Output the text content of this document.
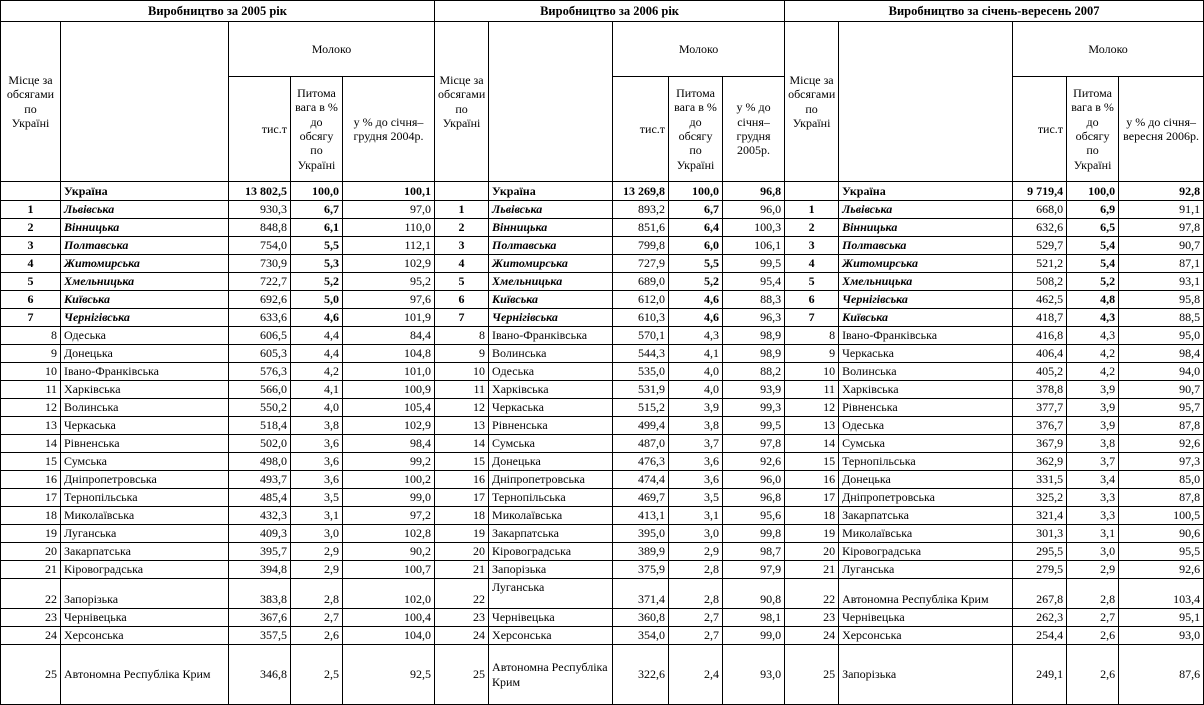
Виробництво за 2005 рік					Виробництво за 2006 рік					Виробництво за січень-вересень 2007				
Місце за обсягами по Україні		Молоко			Місце за обсягами по Україні		Молоко			Місце за обсягами по Україні		Молоко		
		тис.т	Питома вага в % до обсягу по Україні	у % до січня–грудня 2004р.			тис.т	Питома вага в % до обсягу по Україні	у % до січня–грудня 2005р.			тис.т	Питома вага в % до обсягу по Україні	у % до січня–вересня 2006р.
	Україна	13 802,5	100,0	100,1		Україна	13 269,8	100,0	96,8		Україна	9 719,4	100,0	92,8
1	Львівська	930,3	6,7	97,0	1	Львівська	893,2	6,7	96,0	1	Львівська	668,0	6,9	91,1
2	Вінницька	848,8	6,1	110,0	2	Вінницька	851,6	6,4	100,3	2	Вінницька	632,6	6,5	97,8
3	Полтавська	754,0	5,5	112,1	3	Полтавська	799,8	6,0	106,1	3	Полтавська	529,7	5,4	90,7
4	Житомирська	730,9	5,3	102,9	4	Житомирська	727,9	5,5	99,5	4	Житомирська	521,2	5,4	87,1
5	Хмельницька	722,7	5,2	95,2	5	Хмельницька	689,0	5,2	95,4	5	Хмельницька	508,2	5,2	93,1
6	Київська	692,6	5,0	97,6	6	Київська	612,0	4,6	88,3	6	Чернігівська	462,5	4,8	95,8
7	Чернігівська	633,6	4,6	101,9	7	Чернігівська	610,3	4,6	96,3	7	Київська	418,7	4,3	88,5
8	Одеська	606,5	4,4	84,4	8	Івано-Франківська	570,1	4,3	98,9	8	Івано-Франківська	416,8	4,3	95,0
9	Донецька	605,3	4,4	104,8	9	Волинська	544,3	4,1	98,9	9	Черкаська	406,4	4,2	98,4
10	Івано-Франківська	576,3	4,2	101,0	10	Одеська	535,0	4,0	88,2	10	Волинська	405,2	4,2	94,0
11	Харківська	566,0	4,1	100,9	11	Харківська	531,9	4,0	93,9	11	Харківська	378,8	3,9	90,7
12	Волинська	550,2	4,0	105,4	12	Черкаська	515,2	3,9	99,3	12	Рівненська	377,7	3,9	95,7
13	Черкаська	518,4	3,8	102,9	13	Рівненська	499,4	3,8	99,5	13	Одеська	376,7	3,9	87,8
14	Рівненська	502,0	3,6	98,4	14	Сумська	487,0	3,7	97,8	14	Сумська	367,9	3,8	92,6
15	Сумська	498,0	3,6	99,2	15	Донецька	476,3	3,6	92,6	15	Тернопільська	362,9	3,7	97,3
16	Дніпропетровська	493,7	3,6	100,2	16	Дніпропетровська	474,4	3,6	96,0	16	Донецька	331,5	3,4	85,0
17	Тернопільська	485,4	3,5	99,0	17	Тернопільська	469,7	3,5	96,8	17	Дніпропетровська	325,2	3,3	87,8
18	Миколаївська	432,3	3,1	97,2	18	Миколаївська	413,1	3,1	95,6	18	Закарпатська	321,4	3,3	100,5
19	Луганська	409,3	3,0	102,8	19	Закарпатська	395,0	3,0	99,8	19	Миколаївська	301,3	3,1	90,6
20	Закарпатська	395,7	2,9	90,2	20	Кіровоградська	389,9	2,9	98,7	20	Кіровоградська	295,5	3,0	95,5
21	Кіровоградська	394,8	2,9	100,7	21	Запорізька	375,9	2,8	97,9	21	Луганська	279,5	2,9	92,6
22	Запорізька	383,8	2,8	102,0	22	Луганська	371,4	2,8	90,8	22	Автономна Республіка Крим	267,8	2,8	103,4
23	Чернівецька	367,6	2,7	100,4	23	Чернівецька	360,8	2,7	98,1	23	Чернівецька	262,3	2,7	95,1
24	Херсонська	357,5	2,6	104,0	24	Херсонська	354,0	2,7	99,0	24	Херсонська	254,4	2,6	93,0
25	Автономна Республіка Крим	346,8	2,5	92,5	25	Автономна Республіка Крим	322,6	2,4	93,0	25	Запорізька	249,1	2,6	87,6
